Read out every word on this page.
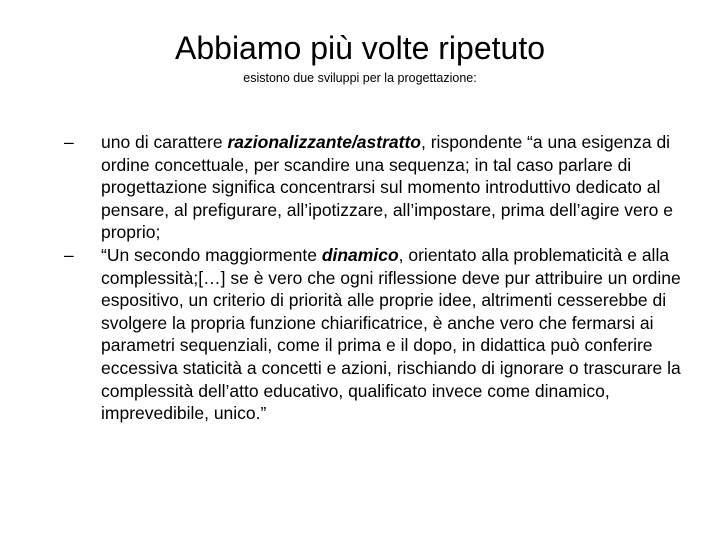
Abbiamo più volte ripetuto

esistono due sviluppi per la progettazione:

– uno di carattere razionalizzante/astratto, rispondente “a una esigenza di ordine concettuale, per scandire una sequenza; in tal caso parlare di progettazione significa concentrarsi sul momento introduttivo dedicato al pensare, al prefigurare, all’ipotizzare, all’impostare, prima dell’agire vero e proprio;
– “Un secondo maggiormente dinamico, orientato alla problematicità e alla complessità;[…] se è vero che ogni riflessione deve pur attribuire un ordine espositivo, un criterio di priorità alle proprie idee, altrimenti cesserebbe di svolgere la propria funzione chiarificatrice, è anche vero che fermarsi ai parametri sequenziali, come il prima e il dopo, in didattica può conferire eccessiva staticità a concetti e azioni, rischiando di ignorare o trascurare la complessità dell’atto educativo, qualificato invece come dinamico, imprevedibile, unico.”
